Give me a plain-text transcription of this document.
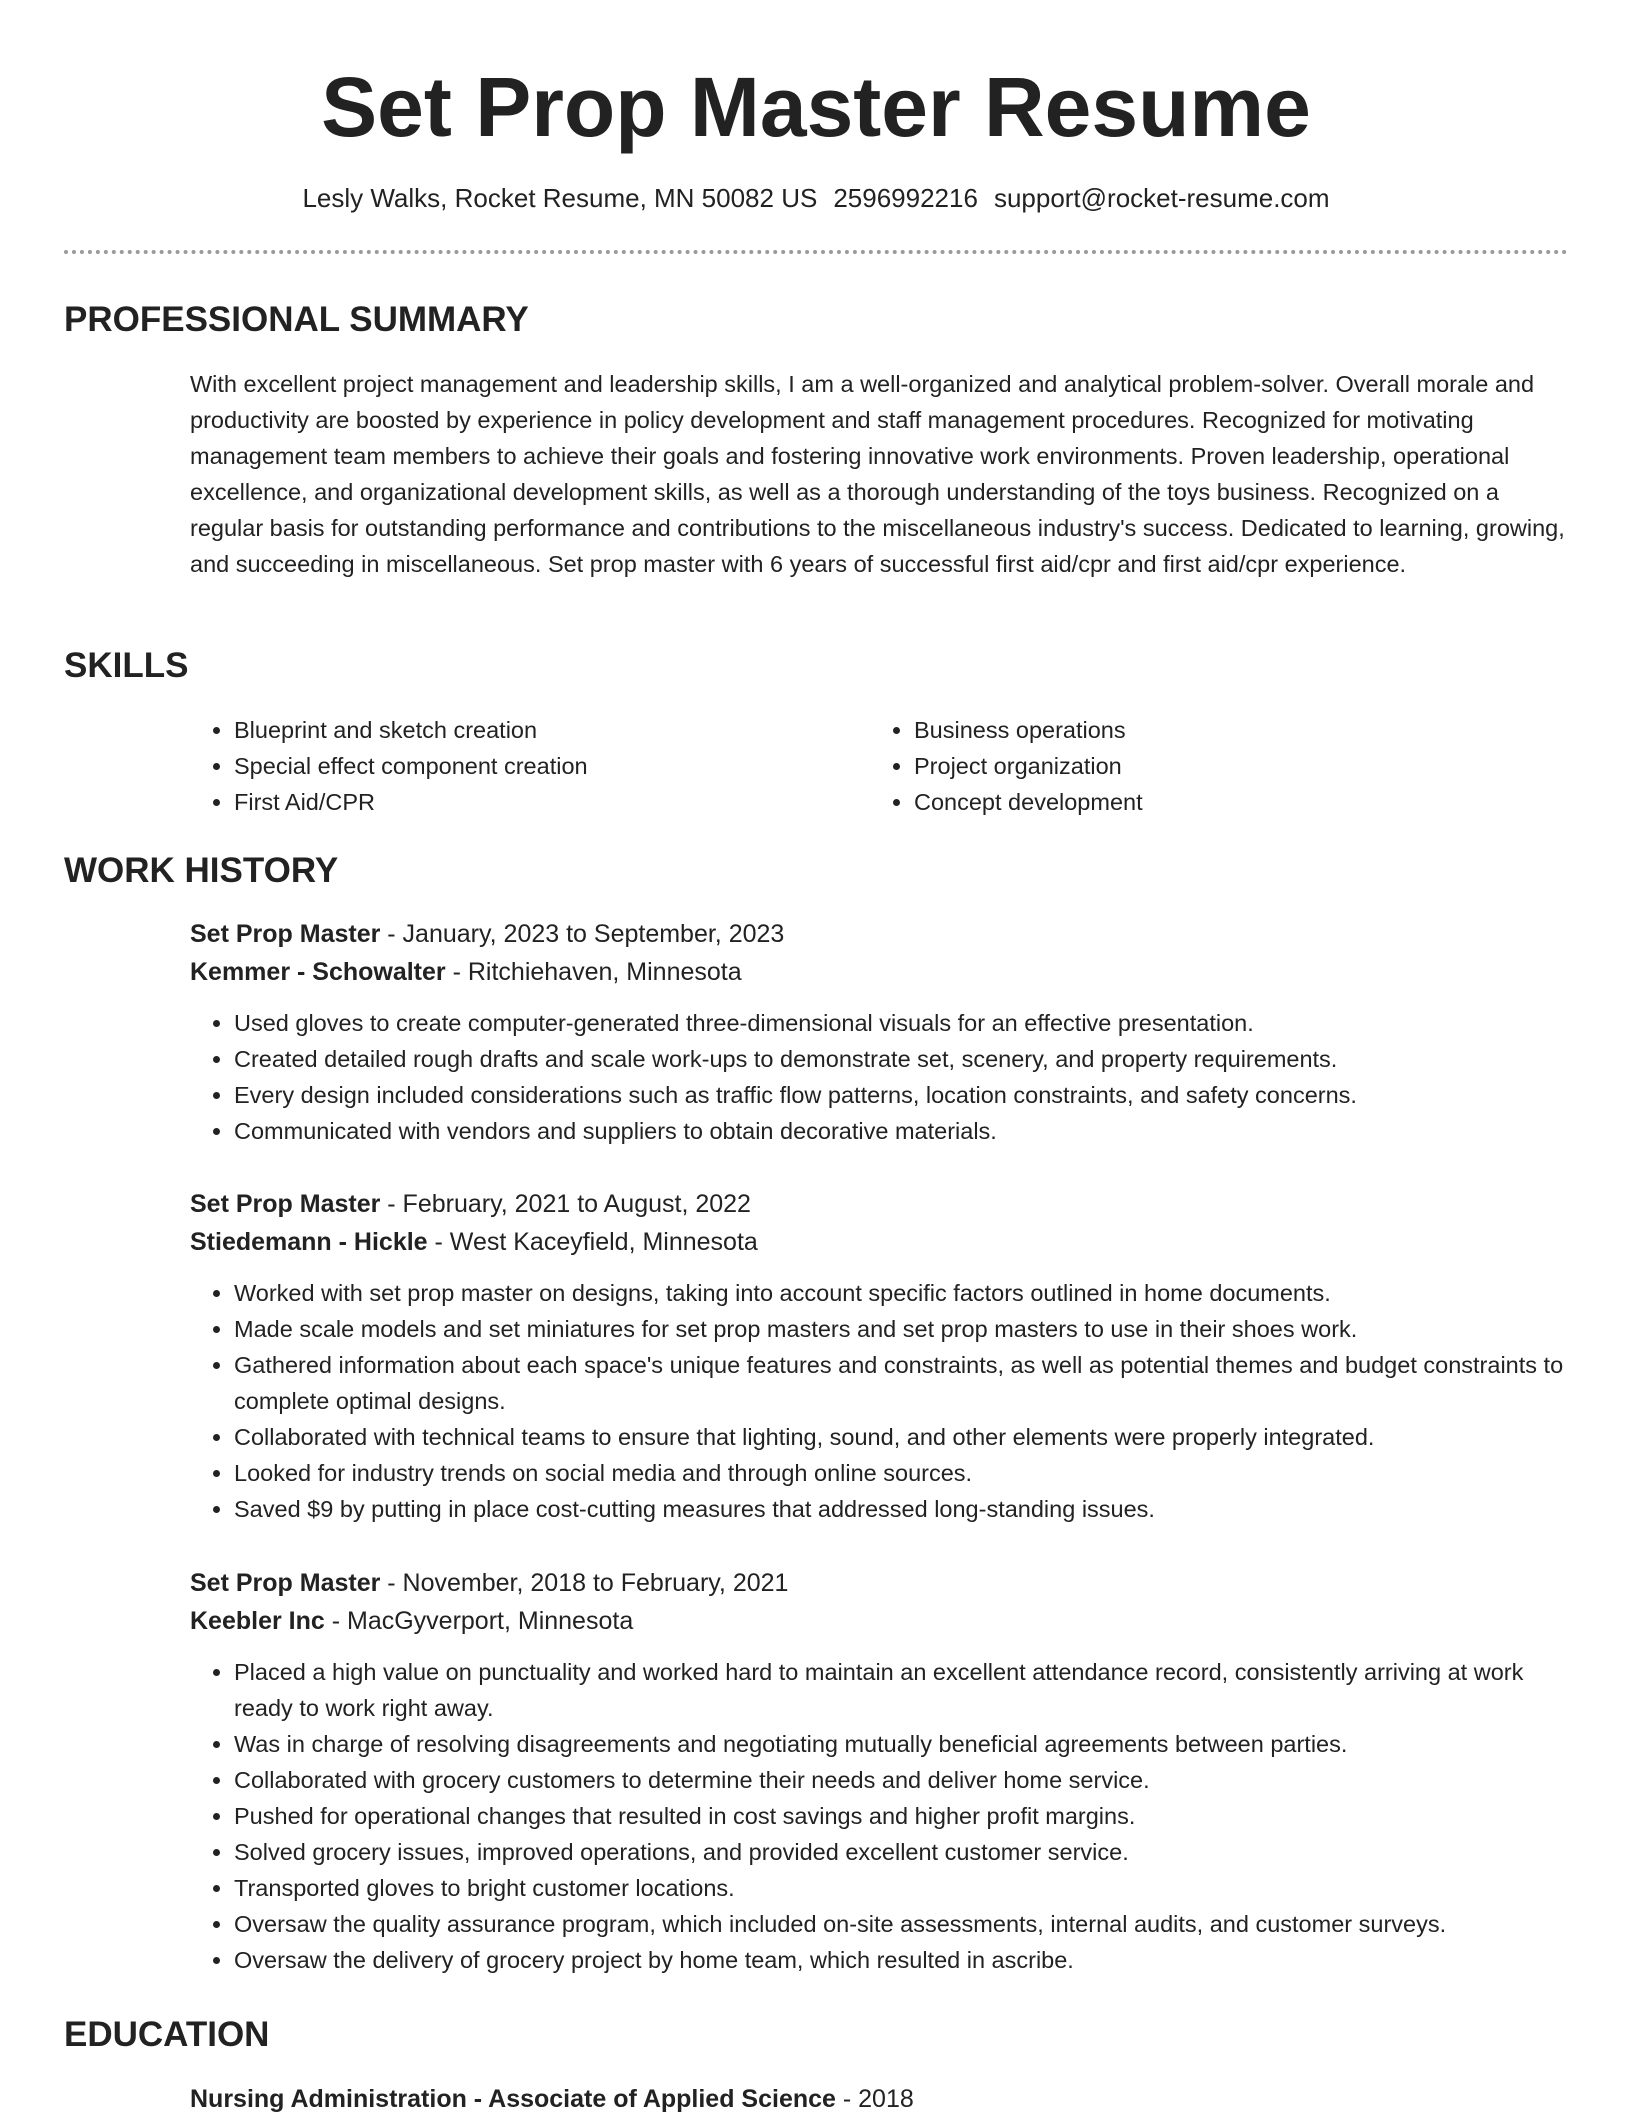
Set Prop Master Resume
Lesly Walks, Rocket Resume, MN 50082 US 2596992216 support@rocket-resume.com
PROFESSIONAL SUMMARY

With excellent project management and leadership skills, I am a well-organized and analytical problem-solver. Overall morale and productivity are boosted by experience in policy development and staff management procedures. Recognized for motivating management team members to achieve their goals and fostering innovative work environments. Proven leadership, operational excellence, and organizational development skills, as well as a thorough understanding of the toys business. Recognized on a regular basis for outstanding performance and contributions to the miscellaneous industry's success. Dedicated to learning, growing, and succeeding in miscellaneous. Set prop master with 6 years of successful first aid/cpr and first aid/cpr experience.

SKILLS
• Blueprint and sketch creation
• Special effect component creation
• First Aid/CPR
• Business operations
• Project organization
• Concept development
WORK HISTORY
Set Prop Master - January, 2023 to September, 2023
Kemmer - Schowalter - Ritchiehaven, Minnesota
• Used gloves to create computer-generated three-dimensional visuals for an effective presentation.
• Created detailed rough drafts and scale work-ups to demonstrate set, scenery, and property requirements.
• Every design included considerations such as traffic flow patterns, location constraints, and safety concerns.
• Communicated with vendors and suppliers to obtain decorative materials.
Set Prop Master - February, 2021 to August, 2022
Stiedemann - Hickle - West Kaceyfield, Minnesota
• Worked with set prop master on designs, taking into account specific factors outlined in home documents.
• Made scale models and set miniatures for set prop masters and set prop masters to use in their shoes work.
• Gathered information about each space's unique features and constraints, as well as potential themes and budget constraints to complete optimal designs.
• Collaborated with technical teams to ensure that lighting, sound, and other elements were properly integrated.
• Looked for industry trends on social media and through online sources.
• Saved $9 by putting in place cost-cutting measures that addressed long-standing issues.
Set Prop Master - November, 2018 to February, 2021
Keebler Inc - MacGyverport, Minnesota
• Placed a high value on punctuality and worked hard to maintain an excellent attendance record, consistently arriving at work ready to work right away.
• Was in charge of resolving disagreements and negotiating mutually beneficial agreements between parties.
• Collaborated with grocery customers to determine their needs and deliver home service.
• Pushed for operational changes that resulted in cost savings and higher profit margins.
• Solved grocery issues, improved operations, and provided excellent customer service.
• Transported gloves to bright customer locations.
• Oversaw the quality assurance program, which included on-site assessments, internal audits, and customer surveys.
• Oversaw the delivery of grocery project by home team, which resulted in ascribe.
EDUCATION
Nursing Administration - Associate of Applied Science - 2018
